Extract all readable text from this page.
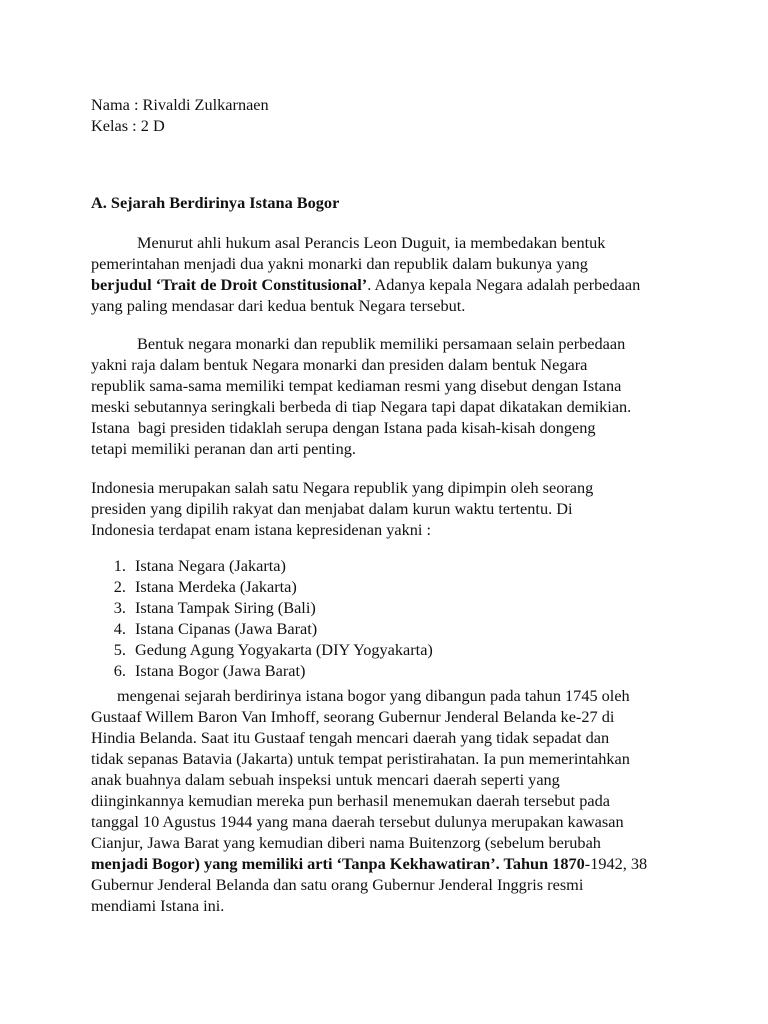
Nama : Rivaldi Zulkarnaen
Kelas : 2 D
A. Sejarah Berdirinya Istana Bogor
Menurut ahli hukum asal Perancis Leon Duguit, ia membedakan bentuk
pemerintahan menjadi dua yakni monarki dan republik dalam bukunya yang
berjudul ‘Trait de Droit Constitusional’. Adanya kepala Negara adalah perbedaan
yang paling mendasar dari kedua bentuk Negara tersebut.
Bentuk negara monarki dan republik memiliki persamaan selain perbedaan
yakni raja dalam bentuk Negara monarki dan presiden dalam bentuk Negara
republik sama-sama memiliki tempat kediaman resmi yang disebut dengan Istana
meski sebutannya seringkali berbeda di tiap Negara tapi dapat dikatakan demikian.
Istana  bagi presiden tidaklah serupa dengan Istana pada kisah-kisah dongeng
tetapi memiliki peranan dan arti penting.
Indonesia merupakan salah satu Negara republik yang dipimpin oleh seorang
presiden yang dipilih rakyat dan menjabat dalam kurun waktu tertentu. Di
Indonesia terdapat enam istana kepresidenan yakni :
1. Istana Negara (Jakarta)
2. Istana Merdeka (Jakarta)
3. Istana Tampak Siring (Bali)
4. Istana Cipanas (Jawa Barat)
5. Gedung Agung Yogyakarta (DIY Yogyakarta)
6. Istana Bogor (Jawa Barat)
mengenai sejarah berdirinya istana bogor yang dibangun pada tahun 1745 oleh
Gustaaf Willem Baron Van Imhoff, seorang Gubernur Jenderal Belanda ke-27 di
Hindia Belanda. Saat itu Gustaaf tengah mencari daerah yang tidak sepadat dan
tidak sepanas Batavia (Jakarta) untuk tempat peristirahatan. Ia pun memerintahkan
anak buahnya dalam sebuah inspeksi untuk mencari daerah seperti yang
diinginkannya kemudian mereka pun berhasil menemukan daerah tersebut pada
tanggal 10 Agustus 1944 yang mana daerah tersebut dulunya merupakan kawasan
Cianjur, Jawa Barat yang kemudian diberi nama Buitenzorg (sebelum berubah
menjadi Bogor) yang memiliki arti ‘Tanpa Kekhawatiran’. Tahun 1870-1942, 38
Gubernur Jenderal Belanda dan satu orang Gubernur Jenderal Inggris resmi
mendiami Istana ini.
